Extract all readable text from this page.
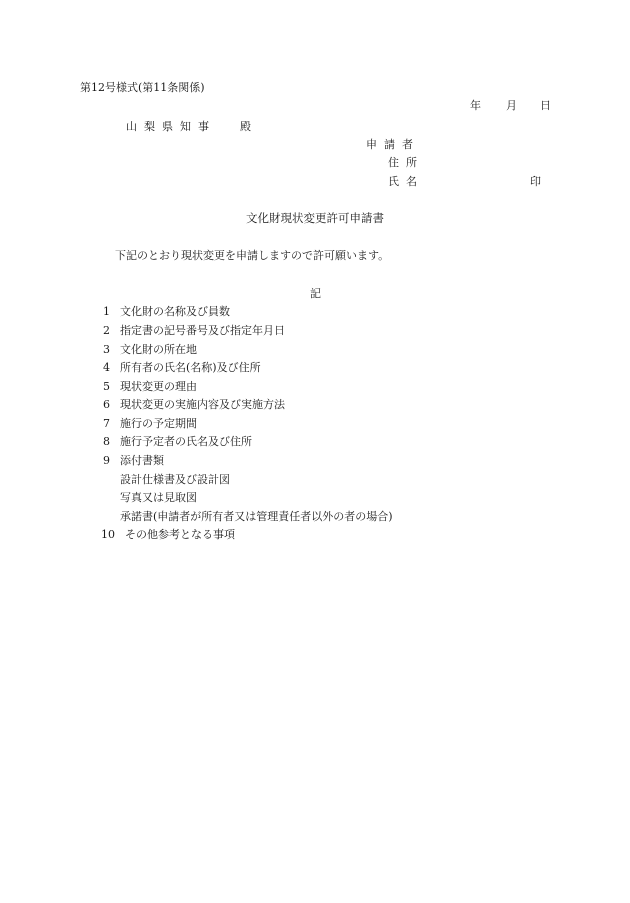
第12号様式(第11条関係)
年 月 日
山梨県知事 殿
申請者
住所
氏名	印
文化財現状変更許可申請書
下記のとおり現状変更を申請しますので許可願います。
記
1 文化財の名称及び員数
2 指定書の記号番号及び指定年月日
3 文化財の所在地
4 所有者の氏名(名称)及び住所
5 現状変更の理由
6 現状変更の実施内容及び実施方法
7 施行の予定期間
8 施行予定者の氏名及び住所
9 添付書類
設計仕様書及び設計図
写真又は見取図
承諾書(申請者が所有者又は管理責任者以外の者の場合)
10 その他参考となる事項
